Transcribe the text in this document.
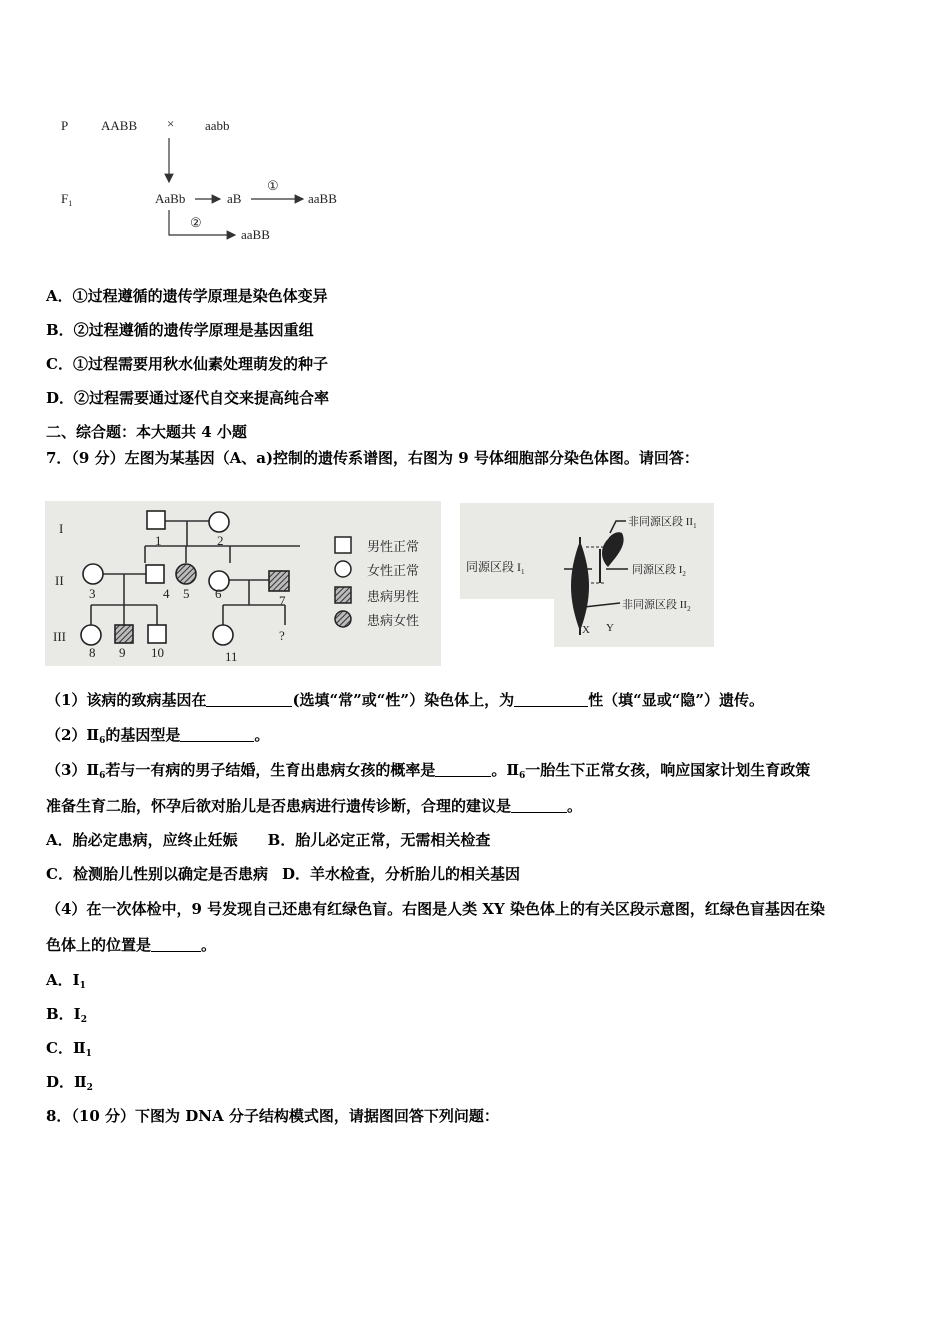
P	AABB × aabb
$F_1$	AaBb	aB
①
aaBB
②
aaBB
A．①过程遵循的遗传学原理是染色体变异
B．②过程遵循的遗传学原理是基因重组
C．①过程需要用秋水仙素处理萌发的种子
D．②过程需要通过逐代自交来提高纯合率
二、综合题：本大题共 4 小题
7．（9 分）左图为某基因（A、a)控制的遗传系谱图，右图为 9 号体细胞部分染色体图。请回答：
I
II
III
1	2
3	4 5 6	7
8 9 10	11
?
男性正常
女性正常
患病男性
患病女性
非同源区段 $II_1$
同源区段 $I_1$	同源区段 $I_2$
非同源区段 $II_2$
X Y
（1）该病的致病基因在	(选填“常”或“性”）染色体上，为	性（填“显或“隐”）遗传。
$(2)Ⅱ_6$的基因型是	。
$(3)Ⅱ_6$若与一有病的男子结婚，生育出患病女孩的概率是	。$Ⅱ_6$一胎生下正常女孩，响应国家计划生育政策
准备生育二胎，怀孕后欲对胎儿是否患病进行遗传诊断，合理的建议是	。
A．胎必定患病，应终止妊娠 B．胎儿必定正常，无需相关检查
C．检测胎儿性别以确定是否患病 D．羊水检查，分析胎儿的相关基因
（4）在一次体检中，9 号发现自己还患有红绿色盲。右图是人类 XY 染色体上的有关区段示意图，红绿色盲基因在染
色体上的位置是	。
A．$I_1$
B．$I_2$
C．$Ⅱ_1$
D．$Ⅱ_2$
8．（10 分）下图为 DNA 分子结构模式图，请据图回答下列问题：
